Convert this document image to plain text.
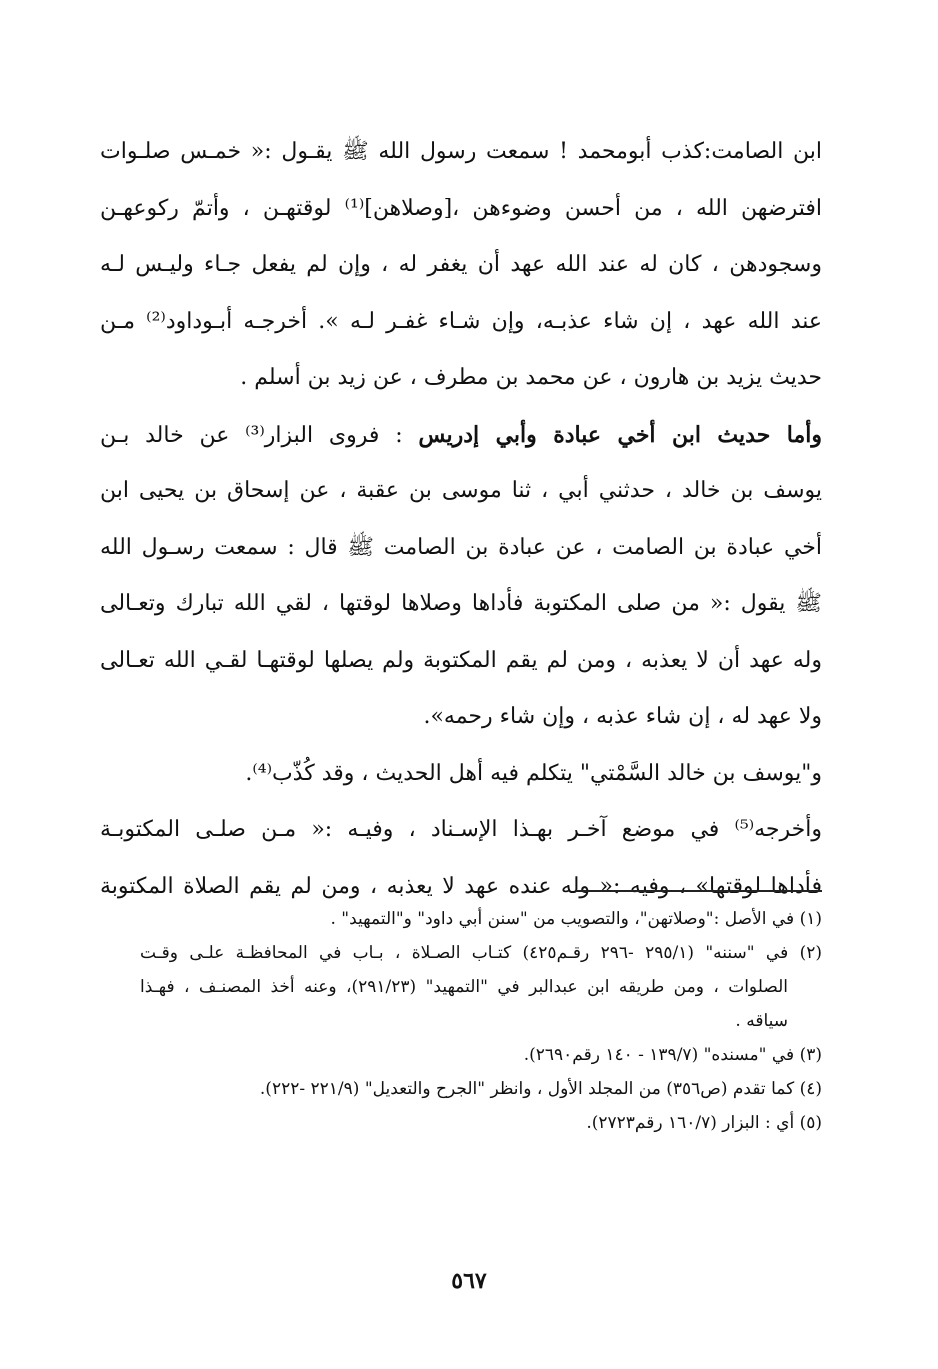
ابن الصامت:كذب أبومحمد ! سمعت رسول الله ﷺ يقـول :« خمـس صلـوات
افترضهن الله ، من أحسن وضوءهن ،[وصلاهن]⁽¹⁾ لوقتهـن ، وأتمّ ركوعهـن
وسجودهن ، كان له عند الله عهد أن يغفر له ، وإن لم يفعل جـاء وليـس لـه
عند الله عهد ، إن شاء عذبـه، وإن شـاء غفـر لـه ». أخرجـه أبـوداود⁽²⁾ مـن
حديث يزيد بن هارون ، عن محمد بن مطرف ، عن زيد بن أسلم .
وأما حديث ابن أخي عبادة وأبي إدريس : فروى البزار⁽³⁾ عن خالد بـن
يوسف بن خالد ، حدثني أبي ، ثنا موسى بن عقبة ، عن إسحاق بن يحيى ابن
أخي عبادة بن الصامت ، عن عبادة بن الصامت ﷺ قال : سمعت رسـول الله
ﷺ يقول :« من صلى المكتوبة فأداها وصلاها لوقتها ، لقي الله تبارك وتعـالى
وله عهد أن لا يعذبه ، ومن لم يقم المكتوبة ولم يصلها لوقتهـا لقـي الله تعـالى
ولا عهد له ، إن شاء عذبه ، وإن شاء رحمه».
و"يوسف بن خالد السَّمْتي" يتكلم فيه أهل الحديث ، وقد كُذّب⁽⁴⁾.
وأخرجه⁽⁵⁾ في موضع آخـر بهـذا الإسـناد ، وفيـه :« مـن صلـى المكتوبـة
فأداها لوقتها» ، وفيه :« وله عنده عهد لا يعذبه ، ومن لم يقم الصلاة المكتوبة
(١) في الأصل :"وصلاتهن"، والتصويب من "سنن أبي داود" و"التمهيد" .
(٢) في "سننه" (٢٩٥/١ -٢٩٦ رقـم٤٢٥) كتـاب الصـلاة ، بـاب في المحافظـة علـى وقـت
الصلوات ، ومن طريقه ابن عبدالبر في "التمهيد" (٢٩١/٢٣)، وعنه أخذ المصنـف ، فهـذا
سياقه .
(٣) في "مسنده" (١٣٩/٧ - ١٤٠ رقم٢٦٩٠).
(٤) كما تقدم (ص٣٥٦) من المجلد الأول ، وانظر "الجرح والتعديل" (٢٢١/٩ -٢٢٢).
(٥) أي : البزار (١٦٠/٧ رقم٢٧٢٣).
٥٦٧
